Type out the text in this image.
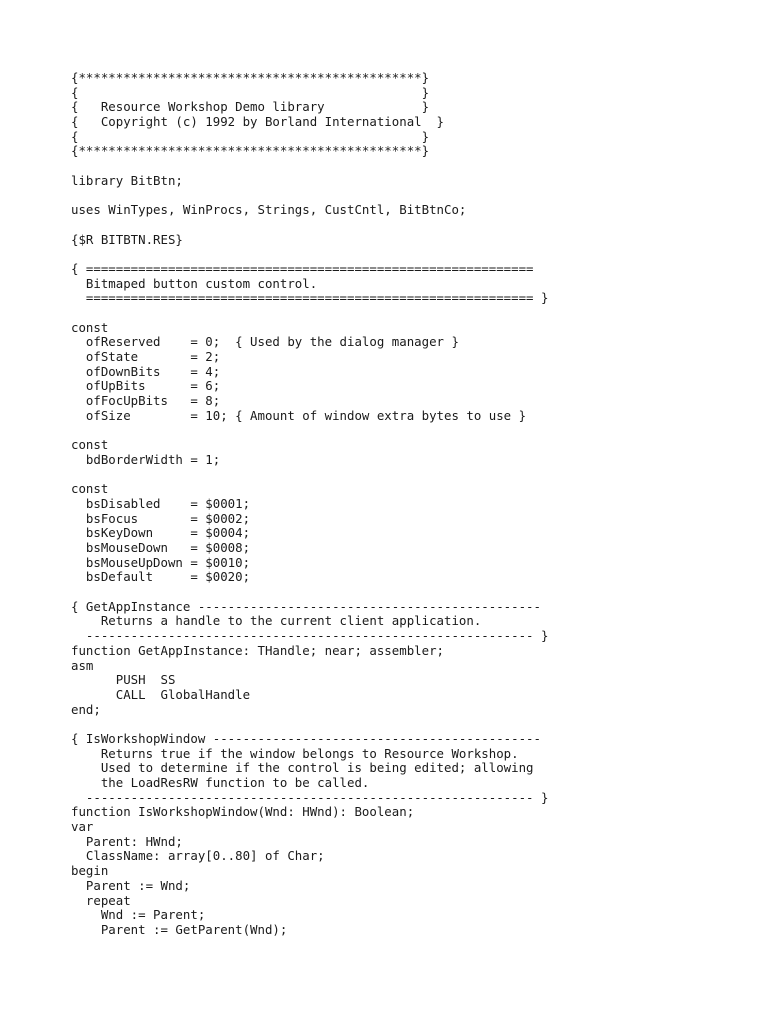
{**********************************************}
{                                              }
{   Resource Workshop Demo library             }
{   Copyright (c) 1992 by Borland International  }
{                                              }
{**********************************************}
library BitBtn;
uses WinTypes, WinProcs, Strings, CustCntl, BitBtnCo;
{$R BITBTN.RES}
{ ============================================================
Bitmaped button custom control.
============================================================ }
const
ofReserved    = 0;  { Used by the dialog manager }
ofState       = 2;
ofDownBits    = 4;
ofUpBits      = 6;
ofFocUpBits   = 8;
ofSize        = 10; { Amount of window extra bytes to use }
const
bdBorderWidth = 1;
const
bsDisabled    = $0001;
bsFocus       = $0002;
bsKeyDown     = $0004;
bsMouseDown   = $0008;
bsMouseUpDown = $0010;
bsDefault     = $0020;
{ GetAppInstance ----------------------------------------------
Returns a handle to the current client application.
------------------------------------------------------------ }
function GetAppInstance: THandle; near; assembler;
asm
PUSH  SS
CALL  GlobalHandle
end;
{ IsWorkshopWindow --------------------------------------------
Returns true if the window belongs to Resource Workshop.
Used to determine if the control is being edited; allowing
the LoadResRW function to be called.
------------------------------------------------------------ }
function IsWorkshopWindow(Wnd: HWnd): Boolean;
var
Parent: HWnd;
ClassName: array[0..80] of Char;
begin
Parent := Wnd;
repeat
Wnd := Parent;
Parent := GetParent(Wnd);
